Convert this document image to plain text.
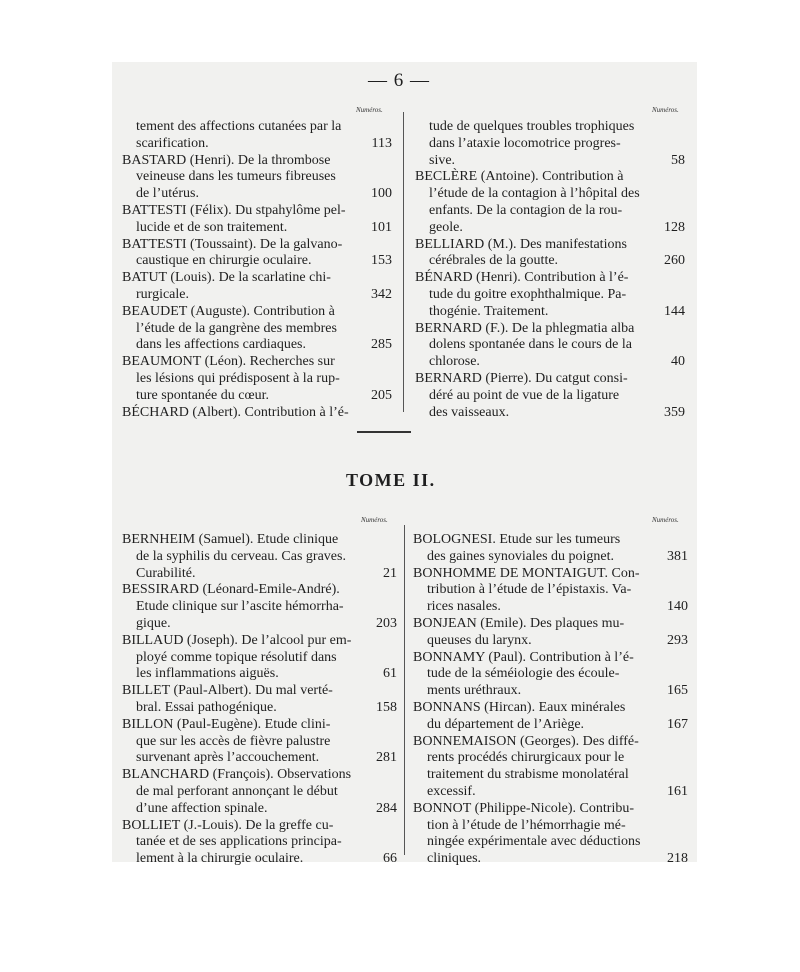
— 6 —
Numéros.	Numéros.
tement des affections cutanées par la
scarification.	113
BASTARD (Henri). De la thrombose
veineuse dans les tumeurs fibreuses
de l’utérus.	100
BATTESTI (Félix). Du stpahylôme pel-
lucide et de son traitement.	101
BATTESTI (Toussaint). De la galvano-
caustique en chirurgie oculaire.	153
BATUT (Louis). De la scarlatine chi-
rurgicale.	342
BEAUDET (Auguste). Contribution à
l’étude de la gangrène des membres
dans les affections cardiaques.	285
BEAUMONT (Léon). Recherches sur
les lésions qui prédisposent à la rup-
ture spontanée du cœur.	205
BÉCHARD (Albert). Contribution à l’é-
tude de quelques troubles trophiques
dans l’ataxie locomotrice progres-
sive.	58
BECLÈRE (Antoine). Contribution à
l’étude de la contagion à l’hôpital des
enfants. De la contagion de la rou-
geole.	128
BELLIARD (M.). Des manifestations
cérébrales de la goutte.	260
BÉNARD (Henri). Contribution à l’é-
tude du goitre exophthalmique. Pa-
thogénie. Traitement.	144
BERNARD (F.). De la phlegmatia alba
dolens spontanée dans le cours de la
chlorose.	40
BERNARD (Pierre). Du catgut consi-
déré au point de vue de la ligature
des vaisseaux.	359
TOME II.
Numéros.	Numéros.
BERNHEIM (Samuel). Etude clinique
de la syphilis du cerveau. Cas graves.
Curabilité.	21
BESSIRARD (Léonard-Emile-André).
Etude clinique sur l’ascite hémorrha-
gique.	203
BILLAUD (Joseph). De l’alcool pur em-
ployé comme topique résolutif dans
les inflammations aiguës.	61
BILLET (Paul-Albert). Du mal verté-
bral. Essai pathogénique.	158
BILLON (Paul-Eugène). Etude clini-
que sur les accès de fièvre palustre
survenant après l’accouchement.	281
BLANCHARD (François). Observations
de mal perforant annonçant le début
d’une affection spinale.	284
BOLLIET (J.-Louis). De la greffe cu-
tanée et de ses applications principa-
lement à la chirurgie oculaire.	66
BOLOGNESI. Etude sur les tumeurs
des gaines synoviales du poignet.	381
BONHOMME DE MONTAIGUT. Con-
tribution à l’étude de l’épistaxis. Va-
rices nasales.	140
BONJEAN (Emile). Des plaques mu-
queuses du larynx.	293
BONNAMY (Paul). Contribution à l’é-
tude de la séméiologie des écoule-
ments uréthraux.	165
BONNANS (Hircan). Eaux minérales
du département de l’Ariège.	167
BONNEMAISON (Georges). Des diffé-
rents procédés chirurgicaux pour le
traitement du strabisme monolatéral
excessif.	161
BONNOT (Philippe-Nicole). Contribu-
tion à l’étude de l’hémorrhagie mé-
ningée expérimentale avec déductions
cliniques.	218
